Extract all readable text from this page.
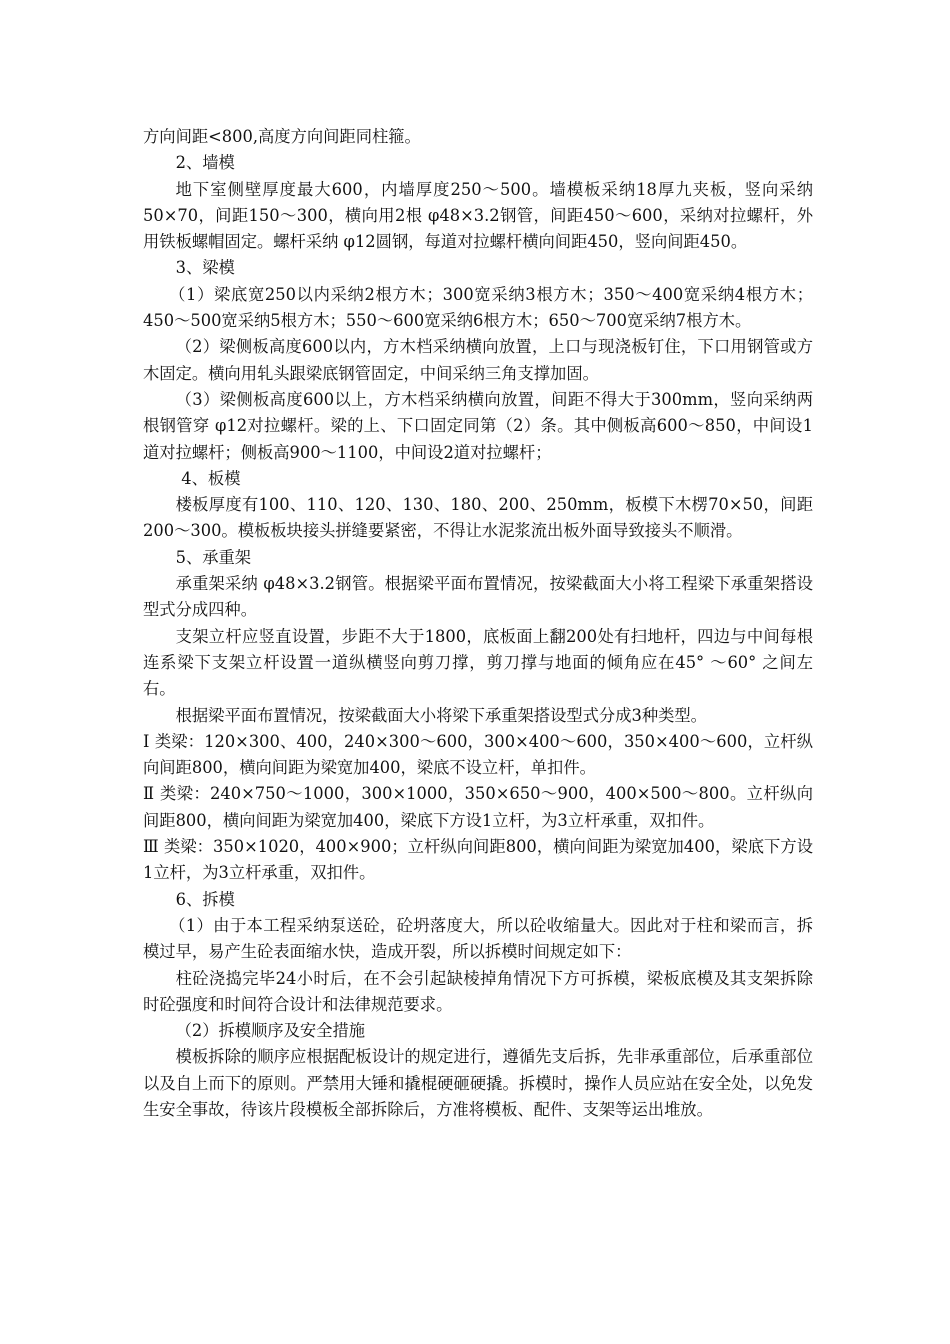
方向间距<800,高度方向间距同柱箍。

2、墙模

地下室侧壁厚度最大600，内墙厚度250～500。墙模板采纳18厚九夹板，竖向采纳50×70，间距150～300，横向用2根 φ48×3.2钢管，间距450～600，采纳对拉螺杆，外用铁板螺帽固定。螺杆采纳 φ12圆钢，每道对拉螺杆横向间距450，竖向间距450。

3、梁模

（1）梁底宽250以内采纳2根方木；300宽采纳3根方木；350～400宽采纳4根方木；450～500宽采纳5根方木；550～600宽采纳6根方木；650～700宽采纳7根方木。

（2）梁侧板高度600以内，方木档采纳横向放置，上口与现浇板钉住，下口用钢管或方木固定。横向用轧头跟梁底钢管固定，中间采纳三角支撑加固。

（3）梁侧板高度600以上，方木档采纳横向放置，间距不得大于300mm，竖向采纳两根钢管穿 φ12对拉螺杆。梁的上、下口固定同第（2）条。其中侧板高600～850，中间设1道对拉螺杆；侧板高900～1100，中间设2道对拉螺杆；

4、板模

楼板厚度有100、110、120、130、180、200、250mm，板模下木楞70×50，间距200～300。模板板块接头拼缝要紧密，不得让水泥浆流出板外面导致接头不顺滑。

5、承重架

承重架采纳 φ48×3.2钢管。根据梁平面布置情况，按梁截面大小将工程梁下承重架搭设型式分成四种。

支架立杆应竖直设置，步距不大于1800，底板面上翻200处有扫地杆，四边与中间每根连系梁下支架立杆设置一道纵横竖向剪刀撑，剪刀撑与地面的倾角应在45° ～60° 之间左右。

根据梁平面布置情况，按梁截面大小将梁下承重架搭设型式分成3种类型。

Ⅰ 类梁：120×300、400，240×300～600，300×400～600，350×400～600，立杆纵向间距800，横向间距为梁宽加400，梁底不设立杆，单扣件。

Ⅱ 类梁：240×750～1000，300×1000，350×650～900，400×500～800。立杆纵向间距800，横向间距为梁宽加400，梁底下方设1立杆，为3立杆承重，双扣件。

Ⅲ 类梁：350×1020，400×900；立杆纵向间距800，横向间距为梁宽加400，梁底下方设1立杆，为3立杆承重，双扣件。

6、拆模

（1）由于本工程采纳泵送砼，砼坍落度大，所以砼收缩量大。因此对于柱和梁而言，拆模过早，易产生砼表面缩水快，造成开裂，所以拆模时间规定如下：

柱砼浇捣完毕24小时后，在不会引起缺棱掉角情况下方可拆模，梁板底模及其支架拆除时砼强度和时间符合设计和法律规范要求。

（2）拆模顺序及安全措施

模板拆除的顺序应根据配板设计的规定进行，遵循先支后拆，先非承重部位，后承重部位以及自上而下的原则。严禁用大锤和撬棍硬砸硬撬。拆模时，操作人员应站在安全处，以免发生安全事故，待该片段模板全部拆除后，方准将模板、配件、支架等运出堆放。
